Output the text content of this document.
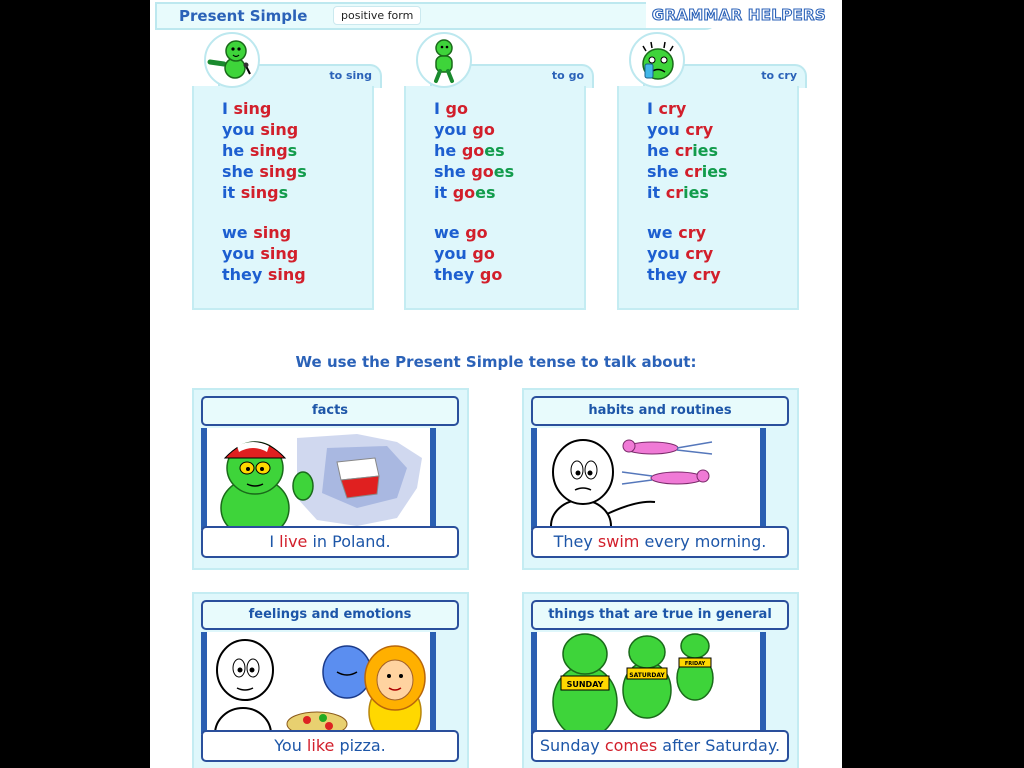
Present Simple	positive form	GRAMMAR HELPERS
to sing
I sing
you sing
he sings
she sings
it sings
we sing
you sing
they sing
to go
I go
you go
he goes
she goes
it goes
we go
you go
they go
to cry
I cry
you cry
he cries
she cries
it cries
we cry
you cry
they cry
We use the Present Simple tense to talk about:
facts
I live in Poland.
habits and routines
They swim every morning.
feelings and emotions
You like pizza.
things that are true in general
SUNDAY
SATURDAY
FRIDAY
Sunday comes after Saturday.
